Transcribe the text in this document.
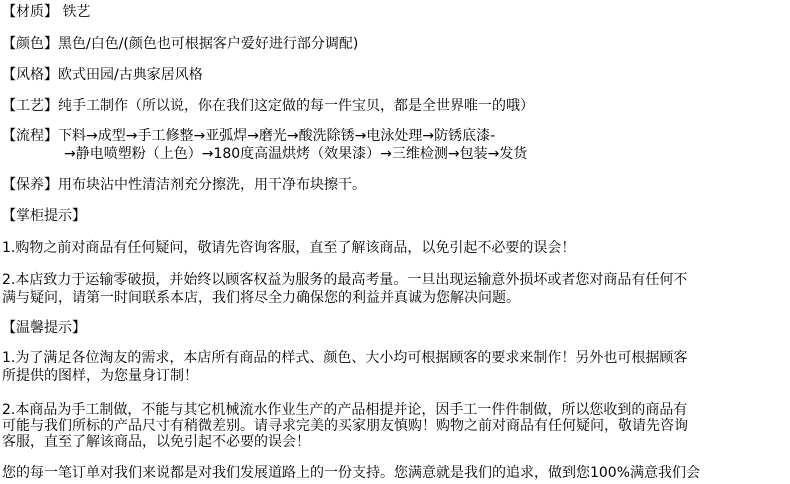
【材质】 铁艺
【颜色】黑色/白色/(颜色也可根据客户爱好进行部分调配)
【风格】欧式田园/古典家居风格
【工艺】纯手工制作（所以说，你在我们这定做的每一件宝贝，都是全世界唯一的哦）
【流程】下料→成型→手工修整→亚弧焊→磨光→酸洗除锈→电泳处理→防锈底漆-
→静电喷塑粉（上色）→180度高温烘烤（效果漆）→三维检测→包装→发货
【保养】用布块沾中性清洁剂充分擦洗，用干净布块擦干。
【掌柜提示】
1.购物之前对商品有任何疑问，敬请先咨询客服，直至了解该商品，以免引起不必要的误会！
2.本店致力于运输零破损，并始终以顾客权益为服务的最高考量。一旦出现运输意外损坏或者您对商品有任何不
满与疑问，请第一时间联系本店，我们将尽全力确保您的利益并真诚为您解决问题。
【温馨提示】
1.为了满足各位淘友的需求，本店所有商品的样式、颜色、大小均可根据顾客的要求来制作！另外也可根据顾客
所提供的图样，为您量身订制！
2.本商品为手工制做，不能与其它机械流水作业生产的产品相提并论，因手工一件件制做，所以您收到的商品有
可能与我们所标的产品尺寸有稍微差别。请寻求完美的买家朋友慎购！购物之前对商品有任何疑问，敬请先咨询
客服，直至了解该商品，以免引起不必要的误会！
您的每一笔订单对我们来说都是对我们发展道路上的一份支持。您满意就是我们的追求，做到您100%满意我们会
